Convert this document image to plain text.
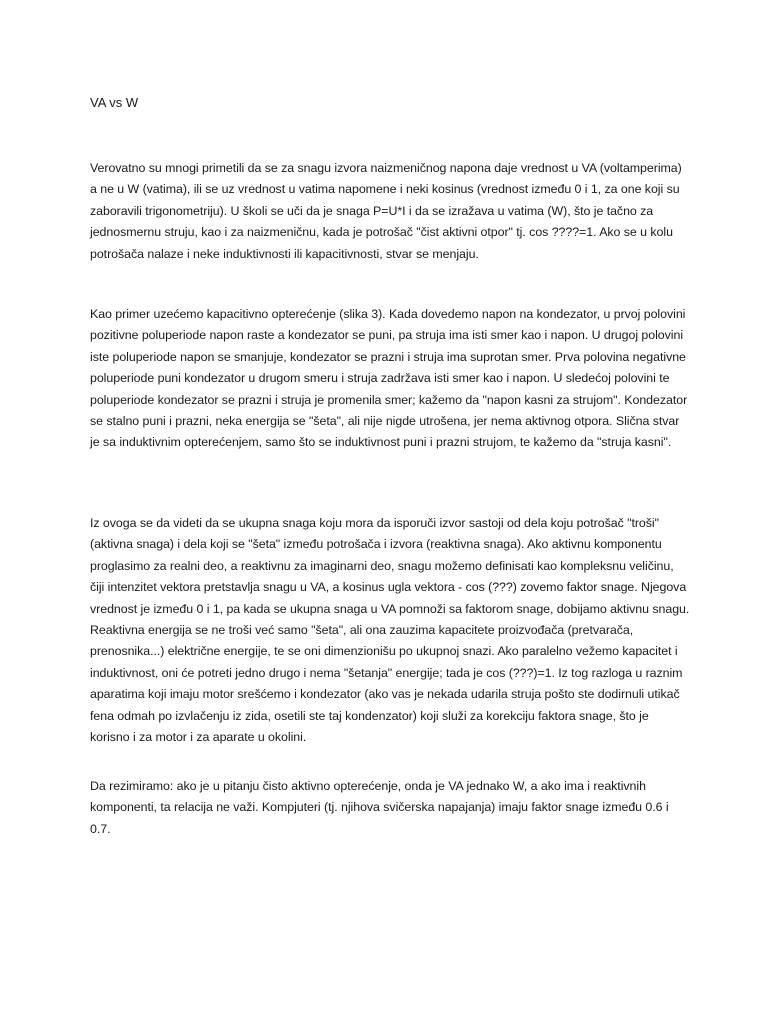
VA vs W

Verovatno su mnogi primetili da se za snagu izvora naizmeničnog napona daje vrednost u VA (voltamperima) a ne u W (vatima), ili se uz vrednost u vatima napomene i neki kosinus (vrednost između 0 i 1, za one koji su zaboravili trigonometriju). U školi se uči da je snaga P=U*I i da se izražava u vatima (W), što je tačno za jednosmernu struju, kao i za naizmeničnu, kada je potrošač "čist aktivni otpor" tj. cos ????=1. Ako se u kolu potrošača nalaze i neke induktivnosti ili kapacitivnosti, stvar se menjaju.

Kao primer uzećemo kapacitivno opterećenje (slika 3). Kada dovedemo napon na kondezator, u prvoj polovini pozitivne poluperiode napon raste a kondezator se puni, pa struja ima isti smer kao i napon. U drugoj polovini iste poluperiode napon se smanjuje, kondezator se prazni i struja ima suprotan smer. Prva polovina negativne poluperiode puni kondezator u drugom smeru i struja zadržava isti smer kao i napon. U sledećoj polovini te poluperiode kondezator se prazni i struja je promenila smer; kažemo da "napon kasni za strujom". Kondezator se stalno puni i prazni, neka energija se "šeta", ali nije nigde utrošena, jer nema aktivnog otpora. Slična stvar je sa induktivnim opterećenjem, samo što se induktivnost puni i prazni strujom, te kažemo da "struja kasni".

Iz ovoga se da videti da se ukupna snaga koju mora da isporuči izvor sastoji od dela koju potrošač "troši" (aktivna snaga) i dela koji se "šeta" između potrošača i izvora (reaktivna snaga). Ako aktivnu komponentu proglasimo za realni deo, a reaktivnu za imaginarni deo, snagu možemo definisati kao kompleksnu veličinu, čiji intenzitet vektora pretstavlja snagu u VA, a kosinus ugla vektora - cos (???) zovemo faktor snage. Njegova vrednost je između 0 i 1, pa kada se ukupna snaga u VA pomnoži sa faktorom snage, dobijamo aktivnu snagu. Reaktivna energija se ne troši već samo "šeta", ali ona zauzima kapacitete proizvođača (pretvarača, prenosnika...) električne energije, te se oni dimenzionišu po ukupnoj snazi. Ako paralelno vežemo kapacitet i induktivnost, oni će potreti jedno drugo i nema "šetanja" energije; tada je cos (???)=1. Iz tog razloga u raznim aparatima koji imaju motor srešćemo i kondezator (ako vas je nekada udarila struja pošto ste dodirnuli utikač fena odmah po izvlačenju iz zida, osetili ste taj kondenzator) koji služi za korekciju faktora snage, što je korisno i za motor i za aparate u okolini.

Da rezimiramo: ako je u pitanju čisto aktivno opterećenje, onda je VA jednako W, a ako ima i reaktivnih komponenti, ta relacija ne važi. Kompjuteri (tj. njihova svičerska napajanja) imaju faktor snage između 0.6 i 0.7.
